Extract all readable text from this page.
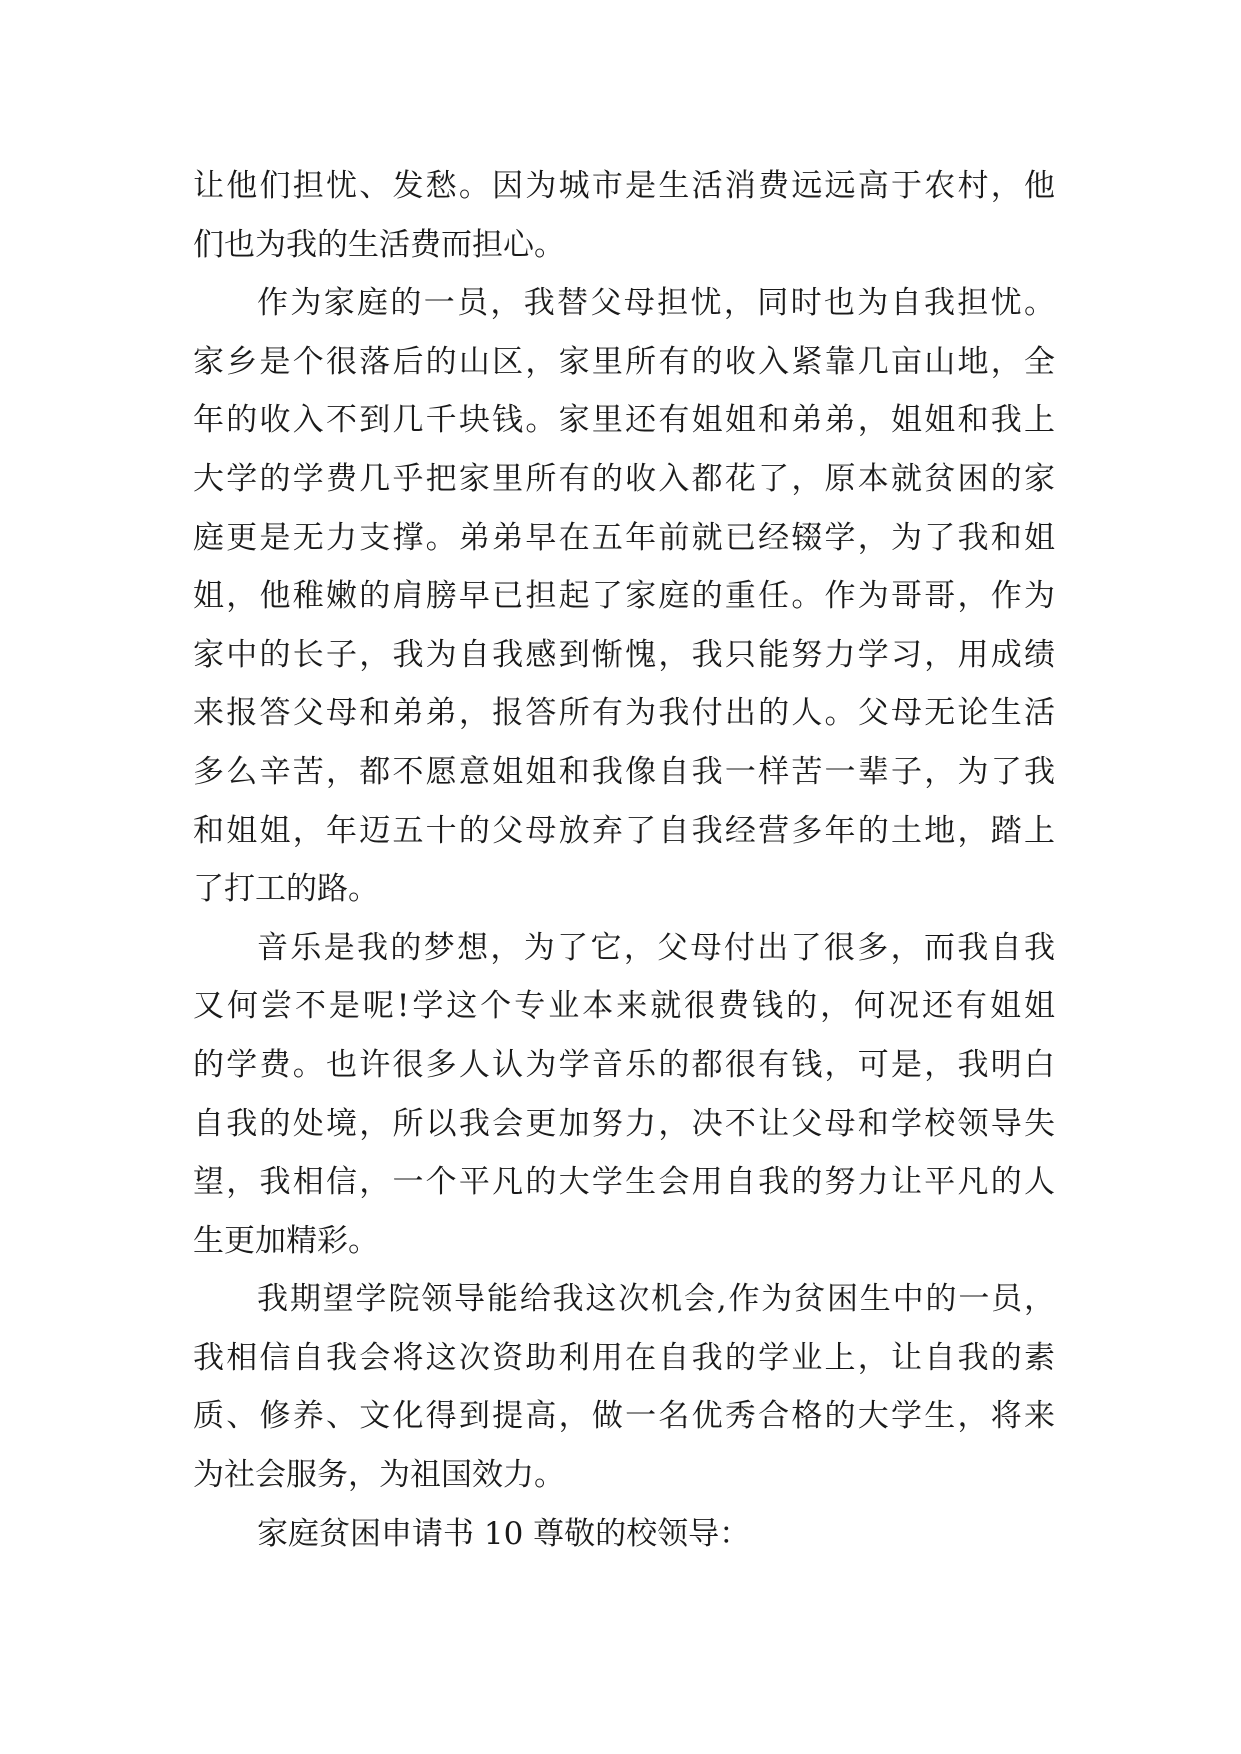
让他们担忧、发愁。因为城市是生活消费远远高于农村，他
们也为我的生活费而担心。
作为家庭的一员，我替父母担忧，同时也为自我担忧。
家乡是个很落后的山区，家里所有的收入紧靠几亩山地，全
年的收入不到几千块钱。家里还有姐姐和弟弟，姐姐和我上
大学的学费几乎把家里所有的收入都花了，原本就贫困的家
庭更是无力支撑。弟弟早在五年前就已经辍学，为了我和姐
姐，他稚嫩的肩膀早已担起了家庭的重任。作为哥哥，作为
家中的长子，我为自我感到惭愧，我只能努力学习，用成绩
来报答父母和弟弟，报答所有为我付出的人。父母无论生活
多么辛苦，都不愿意姐姐和我像自我一样苦一辈子，为了我
和姐姐，年迈五十的父母放弃了自我经营多年的土地，踏上
了打工的路。
音乐是我的梦想，为了它，父母付出了很多，而我自我
又何尝不是呢!学这个专业本来就很费钱的，何况还有姐姐
的学费。也许很多人认为学音乐的都很有钱，可是，我明白
自我的处境，所以我会更加努力，决不让父母和学校领导失
望，我相信，一个平凡的大学生会用自我的努力让平凡的人
生更加精彩。
我期望学院领导能给我这次机会,作为贫困生中的一员，
我相信自我会将这次资助利用在自我的学业上，让自我的素
质、修养、文化得到提高，做一名优秀合格的大学生，将来
为社会服务，为祖国效力。
家庭贫困申请书 10 尊敬的校领导：
